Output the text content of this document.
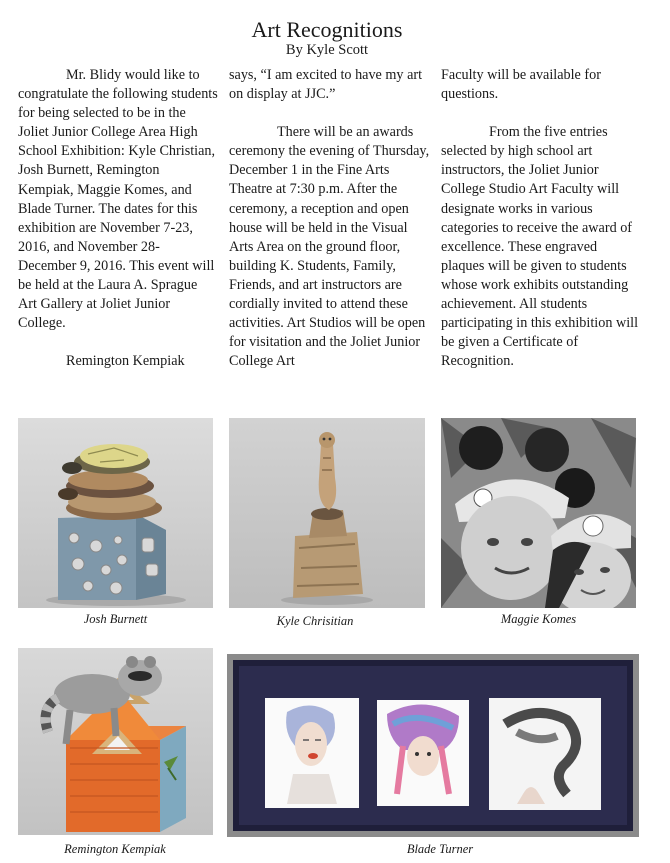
Art Recognitions
By Kyle Scott

Mr. Blidy would like to congratulate the following students for being selected to be in the Joliet Junior College Area High School Exhibition: Kyle Christian, Josh Burnett, Remington Kempiak, Maggie Komes, and Blade Turner. The dates for this exhibition are November 7-23, 2016, and November 28- December 9, 2016. This event will be held at the Laura A. Sprague Art Gallery at Joliet Junior College.

Remington Kempiak

says, “I am excited to have my art on display at JJC.”

There will be an awards ceremony the evening of Thursday, December 1 in the Fine Arts Theatre at 7:30 p.m. After the ceremony, a reception and open house will be held in the Visual Arts Area on the ground floor, building K. Students, Family, Friends, and art instructors are cordially invited to attend these activities. Art Studios will be open for visitation and the Joliet Junior College Art

Faculty will be available for questions.

From the five entries selected by high school art instructors, the Joliet Junior College Studio Art Faculty will designate works in various categories to receive the award of excellence. These engraved plaques will be given to students whose work exhibits outstanding achievement. All students participating in this exhibition will be given a Certificate of Recognition.

Josh Burnett	Kyle Chrisitian	Maggie Komes
Remington Kempiak	Blade Turner
